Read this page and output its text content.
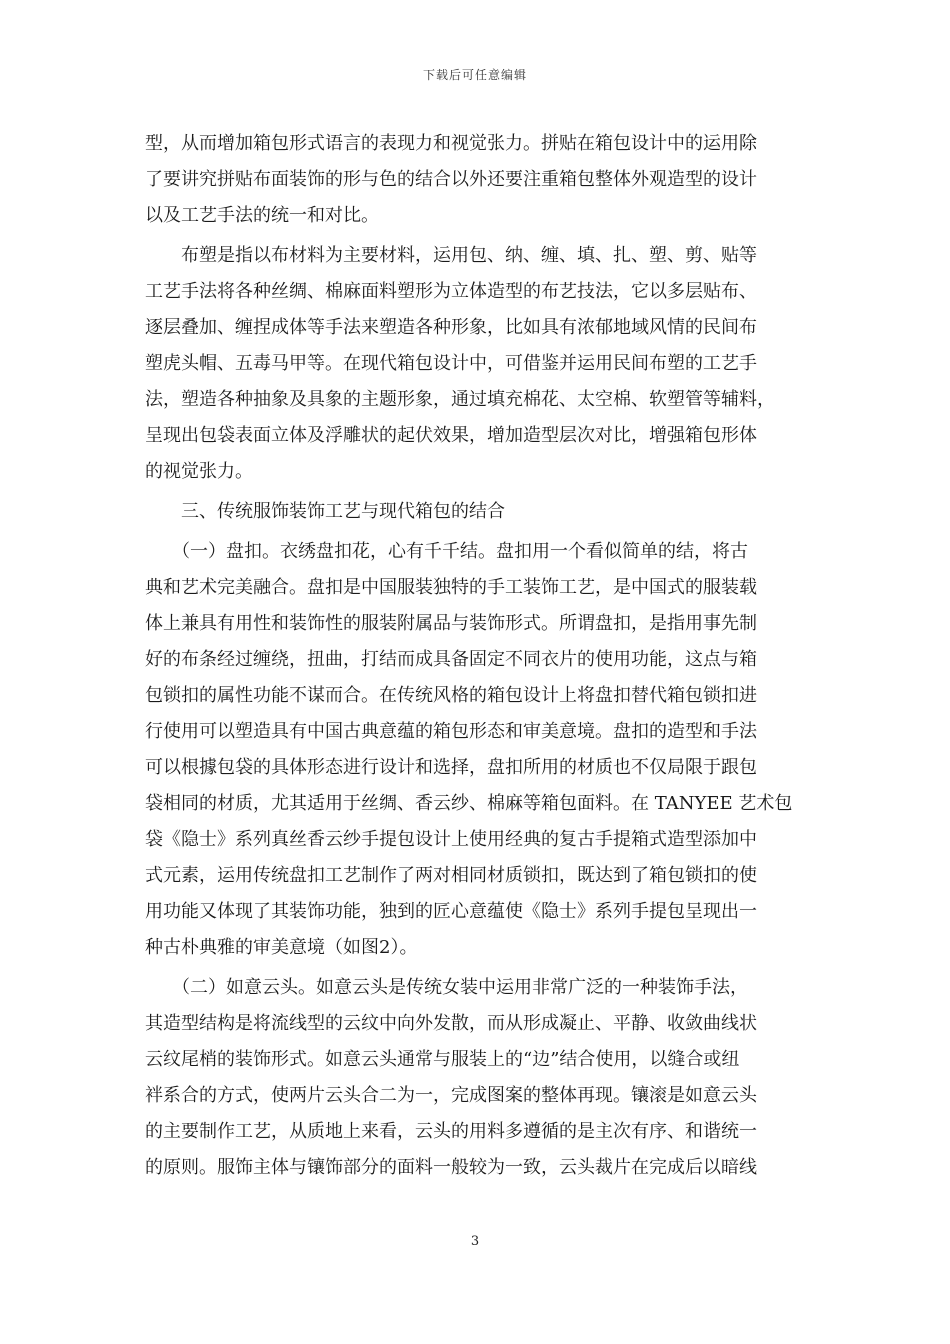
下载后可任意编辑
型，从而增加箱包形式语言的表现力和视觉张力。拼贴在箱包设计中的运用除
了要讲究拼贴布面装饰的形与色的结合以外还要注重箱包整体外观造型的设计
以及工艺手法的统一和对比。
　　布塑是指以布材料为主要材料，运用包、纳、缠、填、扎、塑、剪、贴等
工艺手法将各种丝绸、棉麻面料塑形为立体造型的布艺技法，它以多层贴布、
逐层叠加、缠捏成体等手法来塑造各种形象，比如具有浓郁地域风情的民间布
塑虎头帽、五毒马甲等。在现代箱包设计中，可借鉴并运用民间布塑的工艺手
法，塑造各种抽象及具象的主题形象，通过填充棉花、太空棉、软塑管等辅料，
呈现出包袋表面立体及浮雕状的起伏效果，增加造型层次对比，增强箱包形体
的视觉张力。
　　三、传统服饰装饰工艺与现代箱包的结合
　　（一）盘扣。衣绣盘扣花，心有千千结。盘扣用一个看似简单的结，将古
典和艺术完美融合。盘扣是中国服装独特的手工装饰工艺，是中国式的服装载
体上兼具有用性和装饰性的服装附属品与装饰形式。所谓盘扣，是指用事先制
好的布条经过缠绕，扭曲，打结而成具备固定不同衣片的使用功能，这点与箱
包锁扣的属性功能不谋而合。在传统风格的箱包设计上将盘扣替代箱包锁扣进
行使用可以塑造具有中国古典意蕴的箱包形态和审美意境。盘扣的造型和手法
可以根據包袋的具体形态进行设计和选择，盘扣所用的材质也不仅局限于跟包
袋相同的材质，尤其适用于丝绸、香云纱、棉麻等箱包面料。在 TANYEE 艺术包
袋《隐士》系列真丝香云纱手提包设计上使用经典的复古手提箱式造型添加中
式元素，运用传统盘扣工艺制作了两对相同材质锁扣，既达到了箱包锁扣的使
用功能又体现了其装饰功能，独到的匠心意蕴使《隐士》系列手提包呈现出一
种古朴典雅的审美意境（如图2）。
　　（二）如意云头。如意云头是传统女装中运用非常广泛的一种装饰手法，
其造型结构是将流线型的云纹中向外发散，而从形成凝止、平静、收敛曲线状
云纹尾梢的装饰形式。如意云头通常与服装上的“边”结合使用，以缝合或纽
袢系合的方式，使两片云头合二为一，完成图案的整体再现。镶滚是如意云头
的主要制作工艺，从质地上来看，云头的用料多遵循的是主次有序、和谐统一
的原则。服饰主体与镶饰部分的面料一般较为一致，云头裁片在完成后以暗线
3
